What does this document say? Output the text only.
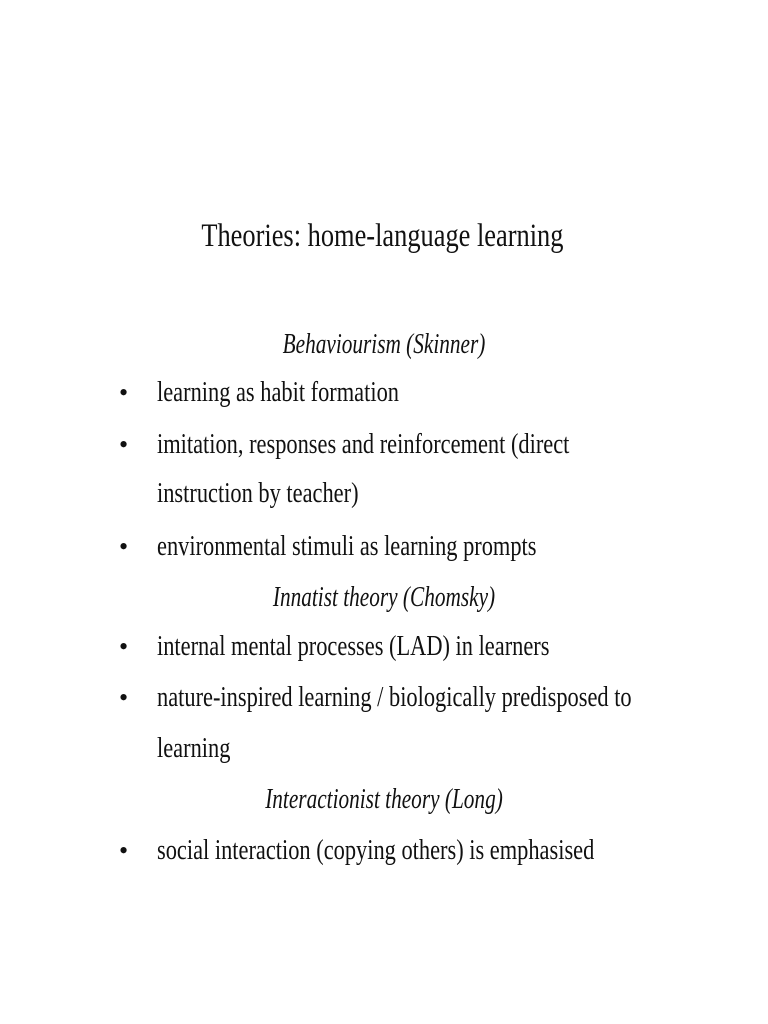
Theories: home-language learning
Behaviourism (Skinner)
• learning as habit formation
• imitation, responses and reinforcement (direct
instruction by teacher)
• environmental stimuli as learning prompts
Innatist theory (Chomsky)
• internal mental processes (LAD) in learners
• nature-inspired learning / biologically predisposed to
learning
Interactionist theory (Long)
• social interaction (copying others) is emphasised
